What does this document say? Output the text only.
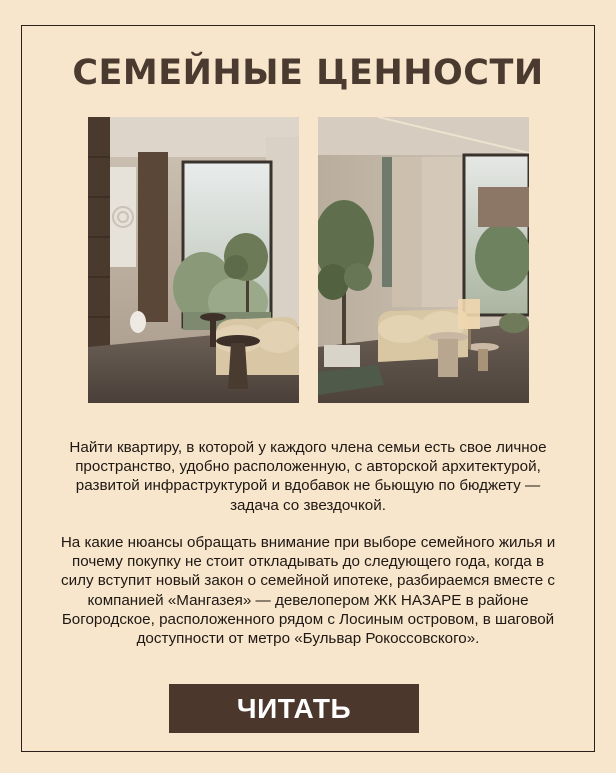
СЕМЕЙНЫЕ ЦЕННОСТИ

Найти квартиру, в которой у каждого члена семьи есть свое личное пространство, удобно расположенную, с авторской архитектурой, развитой инфраструктурой и вдобавок не бьющую по бюджету — задача со звездочкой.

На какие нюансы обращать внимание при выборе семейного жилья и почему покупку не стоит откладывать до следующего года, когда в силу вступит новый закон о семейной ипотеке, разбираемся вместе с компанией «Мангазея» — девелопером ЖК НАЗАРЕ в районе Богородское, расположенного рядом с Лосиным островом, в шаговой доступности от метро «Бульвар Рокоссовского».

ЧИТАТЬ
